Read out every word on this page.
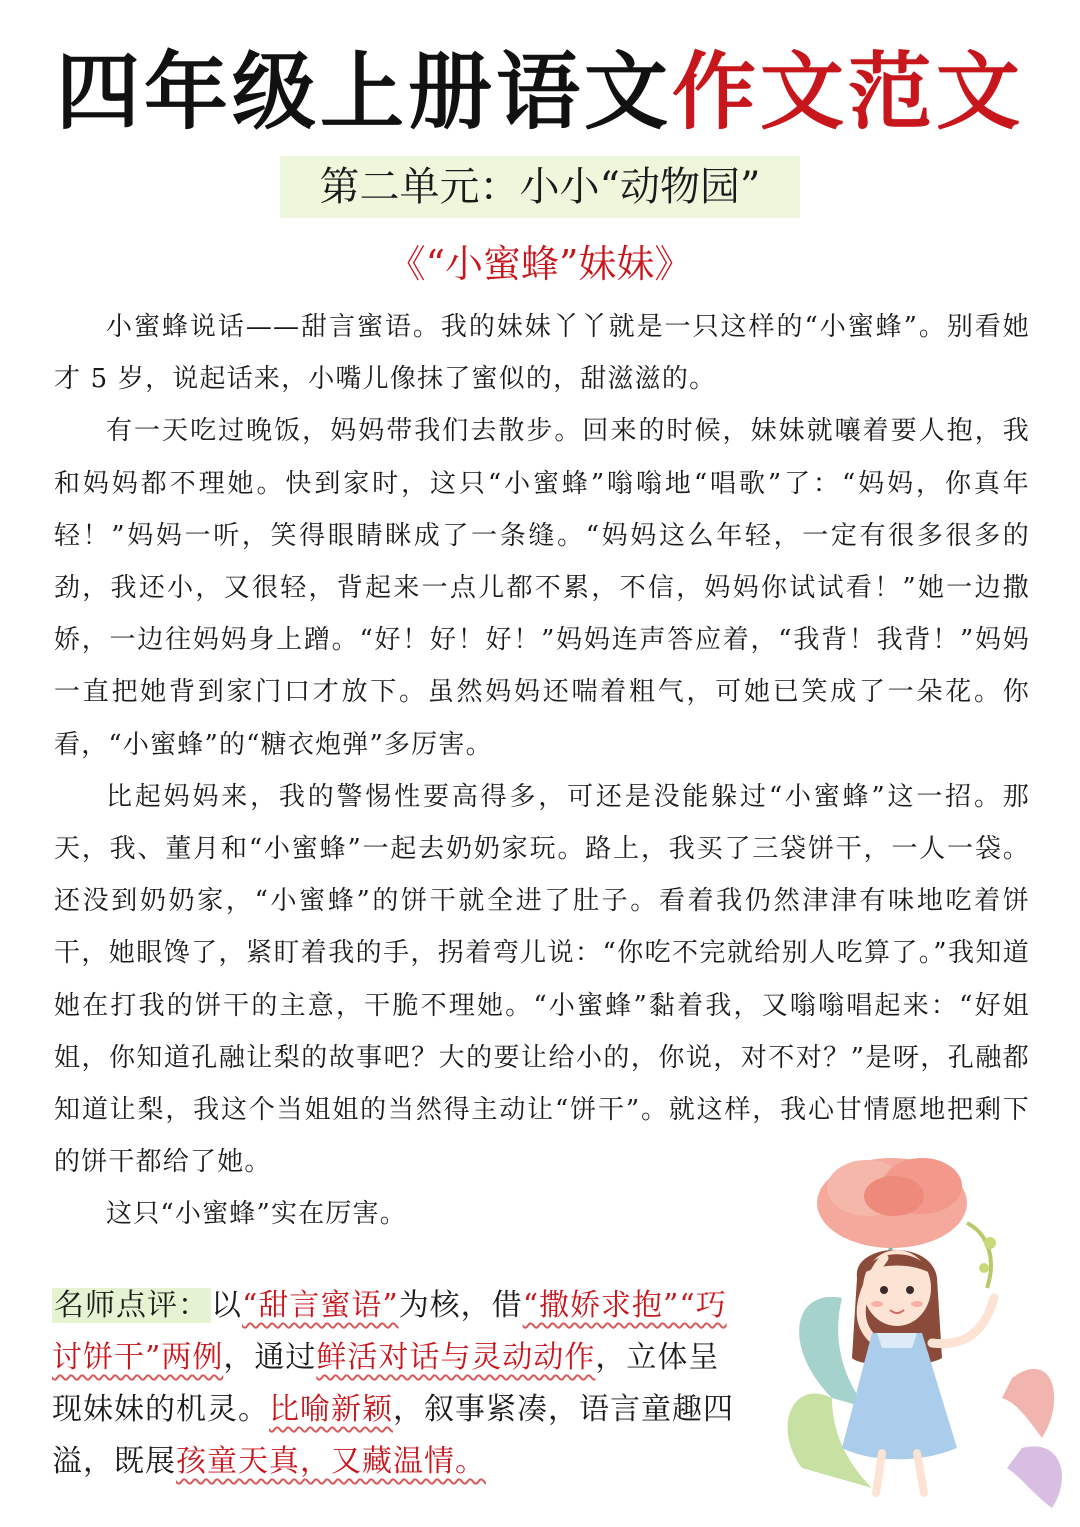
四年级上册语文作文范文
第二单元：小小“动物园”
《“小蜜蜂”妹妹》

小蜜蜂说话——甜言蜜语。我的妹妹丫丫就是一只这样的“小蜜蜂”。别看她才 5 岁，说起话来，小嘴儿像抹了蜜似的，甜滋滋的。

有一天吃过晚饭，妈妈带我们去散步。回来的时候，妹妹就嚷着要人抱，我和妈妈都不理她。快到家时，这只“小蜜蜂”嗡嗡地“唱歌”了：“妈妈，你真年轻！”妈妈一听，笑得眼睛眯成了一条缝。“妈妈这么年轻，一定有很多很多的劲，我还小，又很轻，背起来一点儿都不累，不信，妈妈你试试看！”她一边撒娇，一边往妈妈身上蹭。“好！好！好！”妈妈连声答应着，“我背！我背！”妈妈一直把她背到家门口才放下。虽然妈妈还喘着粗气，可她已笑成了一朵花。你看，“小蜜蜂”的“糖衣炮弹”多厉害。

比起妈妈来，我的警惕性要高得多，可还是没能躲过“小蜜蜂”这一招。那天，我、董月和“小蜜蜂”一起去奶奶家玩。路上，我买了三袋饼干，一人一袋。还没到奶奶家，“小蜜蜂”的饼干就全进了肚子。看着我仍然津津有味地吃着饼干，她眼馋了，紧盯着我的手，拐着弯儿说：“你吃不完就给别人吃算了。”我知道她在打我的饼干的主意，干脆不理她。“小蜜蜂”黏着我，又嗡嗡唱起来：“好姐姐，你知道孔融让梨的故事吧？大的要让给小的，你说，对不对？”是呀，孔融都知道让梨，我这个当姐姐的当然得主动让“饼干”。就这样，我心甘情愿地把剩下的饼干都给了她。

这只“小蜜蜂”实在厉害。

名师点评：以“甜言蜜语”为核，借“撒娇求抱”“巧讨饼干”两例，通过鲜活对话与灵动动作，立体呈现妹妹的机灵。比喻新颖，叙事紧凑，语言童趣四溢，既展孩童天真，又藏温情。
